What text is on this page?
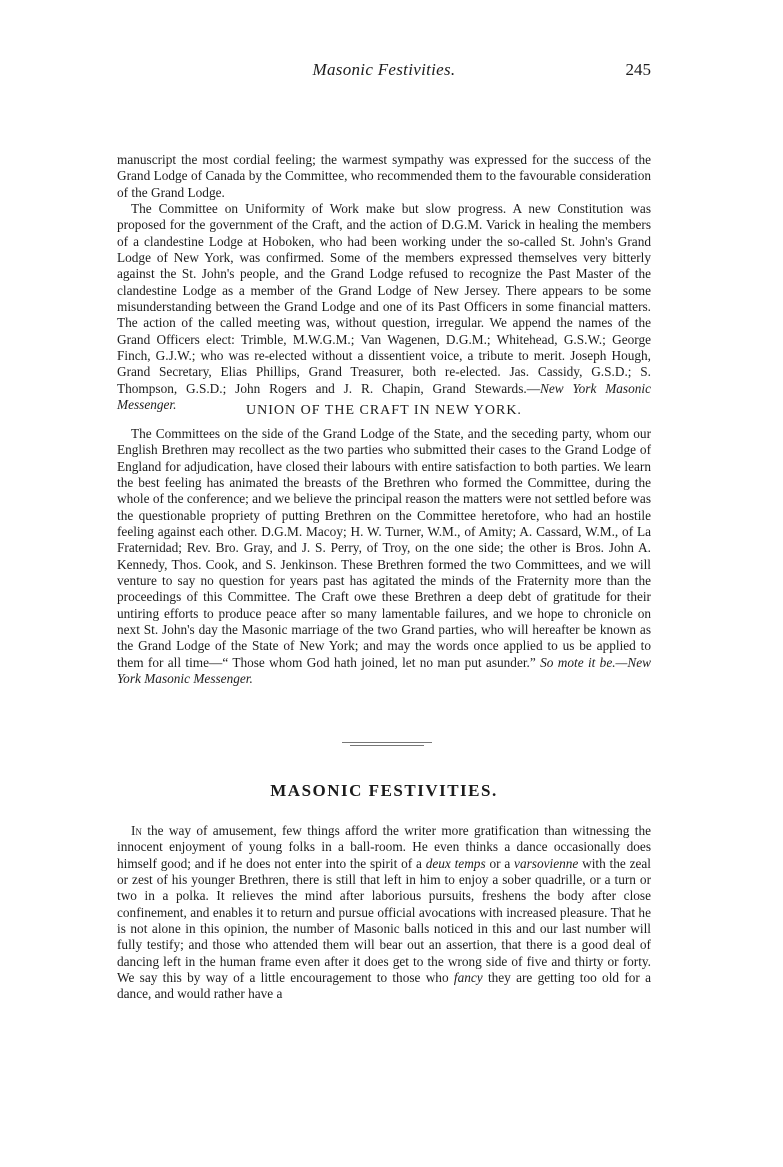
Masonic Festivities.	245

manuscript the most cordial feeling; the warmest sympathy was expressed for the success of the Grand Lodge of Canada by the Committee, who recommended them to the favourable consideration of the Grand Lodge.

The Committee on Uniformity of Work make but slow progress. A new Constitution was proposed for the government of the Craft, and the action of D.G.M. Varick in healing the members of a clandestine Lodge at Hoboken, who had been working under the so-called St. John's Grand Lodge of New York, was confirmed. Some of the members expressed themselves very bitterly against the St. John's people, and the Grand Lodge refused to recognize the Past Master of the clandestine Lodge as a member of the Grand Lodge of New Jersey. There appears to be some misunderstanding between the Grand Lodge and one of its Past Officers in some financial matters. The action of the called meeting was, without question, irregular. We append the names of the Grand Officers elect: Trimble, M.W.G.M.; Van Wagenen, D.G.M.; Whitehead, G.S.W.; George Finch, G.J.W.; who was re-elected without a dissentient voice, a tribute to merit. Joseph Hough, Grand Secretary, Elias Phillips, Grand Treasurer, both re-elected. Jas. Cassidy, G.S.D.; S. Thompson, G.S.D.; John Rogers and J. R. Chapin, Grand Stewards.—New York Masonic Messenger.	UNION OF THE CRAFT IN NEW YORK.

The Committees on the side of the Grand Lodge of the State, and the seceding party, whom our English Brethren may recollect as the two parties who submitted their cases to the Grand Lodge of England for adjudication, have closed their labours with entire satisfaction to both parties. We learn the best feeling has animated the breasts of the Brethren who formed the Committee, during the whole of the conference; and we believe the principal reason the matters were not settled before was the questionable propriety of putting Brethren on the Committee heretofore, who had an hostile feeling against each other. D.G.M. Macoy; H. W. Turner, W.M., of Amity; A. Cassard, W.M., of La Fraternidad; Rev. Bro. Gray, and J. S. Perry, of Troy, on the one side; the other is Bros. John A. Kennedy, Thos. Cook, and S. Jenkinson. These Brethren formed the two Committees, and we will venture to say no question for years past has agitated the minds of the Fraternity more than the proceedings of this Committee. The Craft owe these Brethren a deep debt of gratitude for their untiring efforts to produce peace after so many lamentable failures, and we hope to chronicle on next St. John's day the Masonic marriage of the two Grand parties, who will hereafter be known as the Grand Lodge of the State of New York; and may the words once applied to us be applied to them for all time—“ Those whom God hath joined, let no man put asunder.” So mote it be.—New York Masonic Messenger.

MASONIC FESTIVITIES.

In the way of amusement, few things afford the writer more gratification than witnessing the innocent enjoyment of young folks in a ball-room. He even thinks a dance occasionally does himself good; and if he does not enter into the spirit of a deux temps or a varsovienne with the zeal or zest of his younger Brethren, there is still that left in him to enjoy a sober quadrille, or a turn or two in a polka. It relieves the mind after laborious pursuits, freshens the body after close confinement, and enables it to return and pursue official avocations with increased pleasure. That he is not alone in this opinion, the number of Masonic balls noticed in this and our last number will fully testify; and those who attended them will bear out an assertion, that there is a good deal of dancing left in the human frame even after it does get to the wrong side of five and thirty or forty. We say this by way of a little encouragement to those who fancy they are getting too old for a dance, and would rather have a
